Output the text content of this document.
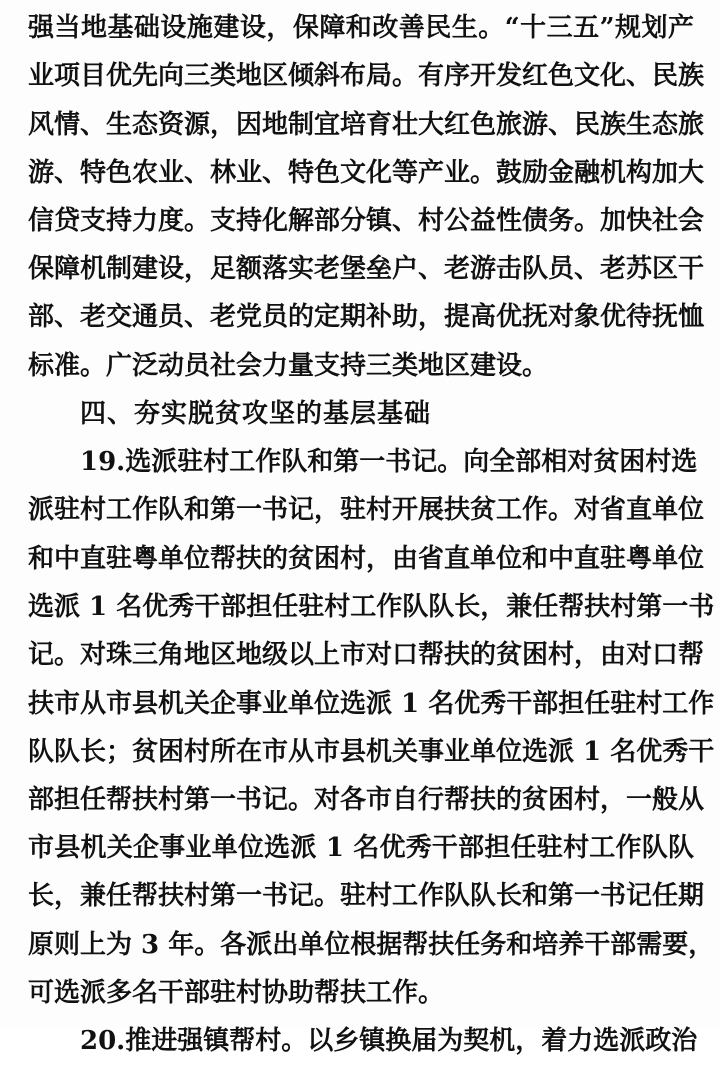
强当地基础设施建设，保障和改善民生。“十三五”规划产
业项目优先向三类地区倾斜布局。有序开发红色文化、民族
风情、生态资源，因地制宜培育壮大红色旅游、民族生态旅
游、特色农业、林业、特色文化等产业。鼓励金融机构加大
信贷支持力度。支持化解部分镇、村公益性债务。加快社会
保障机制建设，足额落实老堡垒户、老游击队员、老苏区干
部、老交通员、老党员的定期补助，提高优抚对象优待抚恤
标准。广泛动员社会力量支持三类地区建设。
四、夯实脱贫攻坚的基层基础
19.选派驻村工作队和第一书记。向全部相对贫困村选
派驻村工作队和第一书记，驻村开展扶贫工作。对省直单位
和中直驻粤单位帮扶的贫困村，由省直单位和中直驻粤单位
选派 1 名优秀干部担任驻村工作队队长，兼任帮扶村第一书
记。对珠三角地区地级以上市对口帮扶的贫困村，由对口帮
扶市从市县机关企事业单位选派 1 名优秀干部担任驻村工作
队队长；贫困村所在市从市县机关事业单位选派 1 名优秀干
部担任帮扶村第一书记。对各市自行帮扶的贫困村，一般从
市县机关企事业单位选派 1 名优秀干部担任驻村工作队队
长，兼任帮扶村第一书记。驻村工作队队长和第一书记任期
原则上为 3 年。各派出单位根据帮扶任务和培养干部需要，
可选派多名干部驻村协助帮扶工作。
20.推进强镇帮村。以乡镇换届为契机，着力选派政治
